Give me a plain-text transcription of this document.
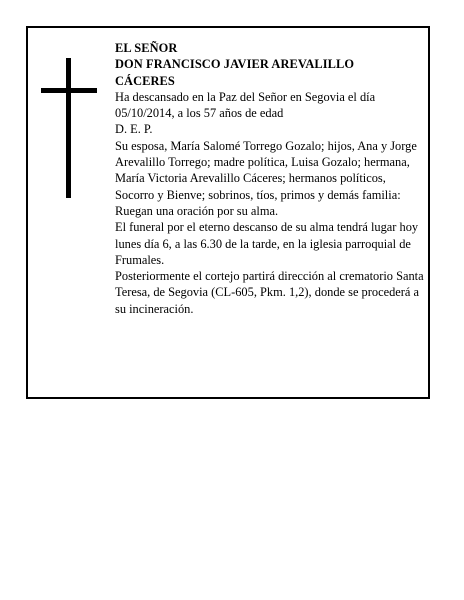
EL SEÑOR

DON FRANCISCO JAVIER AREVALILLO

CÁCERES

Ha descansado en la Paz del Señor en Segovia el día 05/10/2014, a los 57 años de edad

D. E. P.

Su esposa, María Salomé Torrego Gozalo; hijos, Ana y Jorge Arevalillo Torrego; madre política, Luisa Gozalo; hermana, María Victoria Arevalillo Cáceres; hermanos políticos, Socorro y Bienve; sobrinos, tíos, primos y demás familia:

Ruegan una oración por su alma.

El funeral por el eterno descanso de su alma tendrá lugar hoy lunes día 6, a las 6.30 de la tarde, en la iglesia parroquial de Frumales.

Posteriormente el cortejo partirá dirección al crematorio Santa Teresa, de Segovia (CL-605, Pkm. 1,2), donde se procederá a su incineración.
